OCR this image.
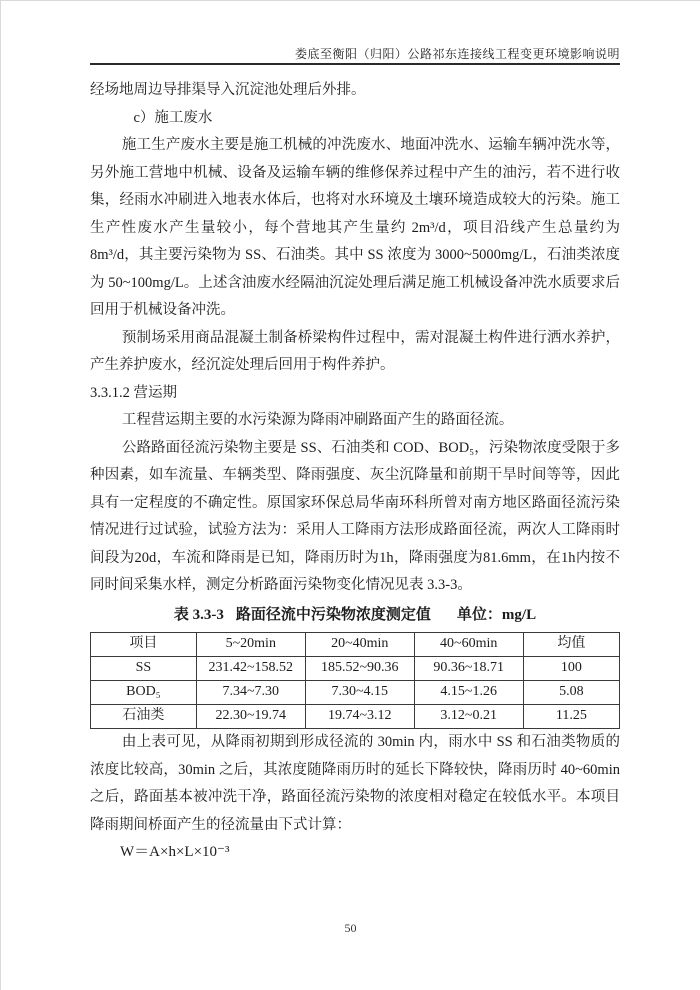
娄底至衡阳（归阳）公路祁东连接线工程变更环境影响说明

经场地周边导排渠导入沉淀池处理后外排。

c）施工废水

施工生产废水主要是施工机械的冲洗废水、地面冲洗水、运输车辆冲洗水等，另外施工营地中机械、设备及运输车辆的维修保养过程中产生的油污，若不进行收集，经雨水冲刷进入地表水体后，也将对水环境及土壤环境造成较大的污染。施工生产性废水产生量较小，每个营地其产生量约 2m³/d，项目沿线产生总量约为 8m³/d，其主要污染物为 SS、石油类。其中 SS 浓度为 3000~5000mg/L，石油类浓度为 50~100mg/L。上述含油废水经隔油沉淀处理后满足施工机械设备冲洗水质要求后回用于机械设备冲洗。

预制场采用商品混凝土制备桥梁构件过程中，需对混凝土构件进行洒水养护，产生养护废水，经沉淀处理后回用于构件养护。

3.3.1.2 营运期

工程营运期主要的水污染源为降雨冲刷路面产生的路面径流。

公路路面径流污染物主要是 SS、石油类和 COD、BOD₅，污染物浓度受限于多种因素，如车流量、车辆类型、降雨强度、灰尘沉降量和前期干旱时间等等，因此具有一定程度的不确定性。原国家环保总局华南环科所曾对南方地区路面径流污染情况进行过试验，试验方法为：采用人工降雨方法形成路面径流，两次人工降雨时间段为20d，车流和降雨是已知，降雨历时为1h，降雨强度为81.6mm，在1h内按不同时间采集水样，测定分析路面污染物变化情况见表 3.3-3。

表 3.3-3 路面径流中污染物浓度测定值 单位：mg/L
项目	5~20min	20~40min	40~60min	均值
SS	231.42~158.52	185.52~90.36	90.36~18.71	100
BOD₅	7.34~7.30	7.30~4.15	4.15~1.26	5.08
石油类	22.30~19.74	19.74~3.12	3.12~0.21	11.25

由上表可见，从降雨初期到形成径流的 30min 内，雨水中 SS 和石油类物质的浓度比较高，30min 之后，其浓度随降雨历时的延长下降较快，降雨历时 40~60min 之后，路面基本被冲洗干净，路面径流污染物的浓度相对稳定在较低水平。本项目降雨期间桥面产生的径流量由下式计算：

W＝A×h×L×10⁻³

50
